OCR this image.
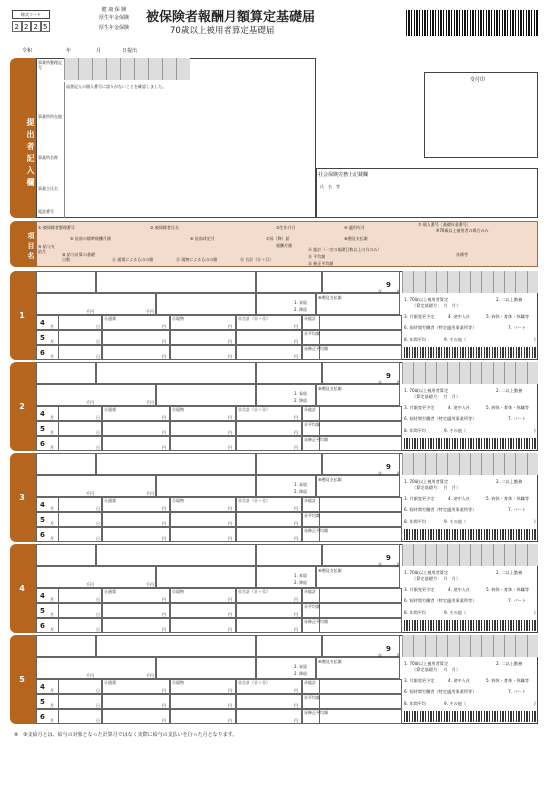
様式コード
2 2 2 5
健 康 保 険
厚生年金保険
厚生年金保険
被保険者報酬月額算定基礎届
70歳以上被用者算定基礎届
令和	年	月	日提出
提出者記入欄
事業所整理記号
届書記入の個人番号に誤りがないことを確認しました。
事業所所在地
事業所名称
事業主氏名
電話番号
受付印
社会保険労務士記載欄
氏　名　等
項目名
① 被保険者整理番号	② 被保険者氏名	③生年月日	④ 適用年月
⑦ 個人番号［基礎年金番号］
※70歳以上被用者の場合のみ
⑤ 従前の標準報酬月額	⑥ 従前改定月	⑦昇（降）給	⑧遡及支払額
⑨ 給与支給月
⑩ 給与計算の基礎日数	⑪ 通貨によるものの額	⑫ 現物によるものの額	⑬ 合計（⑪＋⑫）
報酬月額
⑭ 総計（一定の基礎日数以上の月のみ）
⑮ 平均額
⑯ 修正平均額
⑱備考
1
9
年	月
千円	千円
1. 昇給
2. 降給
⑧遡及支払額
4 月	日	円	円	円
⑪通貨	⑫現物	⑬合計（⑪＋⑫）
5 月	日	円	円	円
6 月	日	円	円	円
⑭総計
⑮平均額
⑯修正平均額
1. 70歳以上被用者算定	2. 二以上勤務
（算定基礎月：　月　月）
3. 月額変更予定	4. 途中入社	5. 病休・育休・休職等
6. 短時間労働者（特定適用事業所等）	7. パート
8. 年間平均	9. その他（	)
2
9
年	月
千円	千円
1. 昇給
2. 降給
⑧遡及支払額
4 月	日	円	円	円
⑪通貨	⑫現物	⑬合計（⑪＋⑫）
5 月	日	円	円	円
6 月	日	円	円	円
⑭総計
⑮平均額
⑯修正平均額
1. 70歳以上被用者算定	2. 二以上勤務
（算定基礎月：　月　月）
3. 月額変更予定	4. 途中入社	5. 病休・育休・休職等
6. 短時間労働者（特定適用事業所等）	7. パート
8. 年間平均	9. その他（	)
3
9
年	月
千円	千円
1. 昇給
2. 降給
⑧遡及支払額
4 月	日	円	円	円
⑪通貨	⑫現物	⑬合計（⑪＋⑫）
5 月	日	円	円	円
6 月	日	円	円	円
⑭総計
⑮平均額
⑯修正平均額
1. 70歳以上被用者算定	2. 二以上勤務
（算定基礎月：　月　月）
3. 月額変更予定	4. 途中入社	5. 病休・育休・休職等
6. 短時間労働者（特定適用事業所等）	7. パート
8. 年間平均	9. その他（	)
4
9
年	月
千円	千円
1. 昇給
2. 降給
⑧遡及支払額
4 月	日	円	円	円
⑪通貨	⑫現物	⑬合計（⑪＋⑫）
5 月	日	円	円	円
6 月	日	円	円	円
⑭総計
⑮平均額
⑯修正平均額
1. 70歳以上被用者算定	2. 二以上勤務
（算定基礎月：　月　月）
3. 月額変更予定	4. 途中入社	5. 病休・育休・休職等
6. 短時間労働者（特定適用事業所等）	7. パート
8. 年間平均	9. その他（	)
5
9
年	月
千円	千円
1. 昇給
2. 降給
⑧遡及支払額
4 月	日	円	円	円
⑪通貨	⑫現物	⑬合計（⑪＋⑫）
5 月	日	円	円	円
6 月	日	円	円	円
⑭総計
⑮平均額
⑯修正平均額
1. 70歳以上被用者算定	2. 二以上勤務
（算定基礎月：　月　月）
3. 月額変更予定	4. 途中入社	5. 病休・育休・休職等
6. 短時間労働者（特定適用事業所等）	7. パート
8. 年間平均	9. その他（	)
※　⑨支給月とは、給与の対象となった計算月ではなく実際に給与の支払いを行った月となります。
